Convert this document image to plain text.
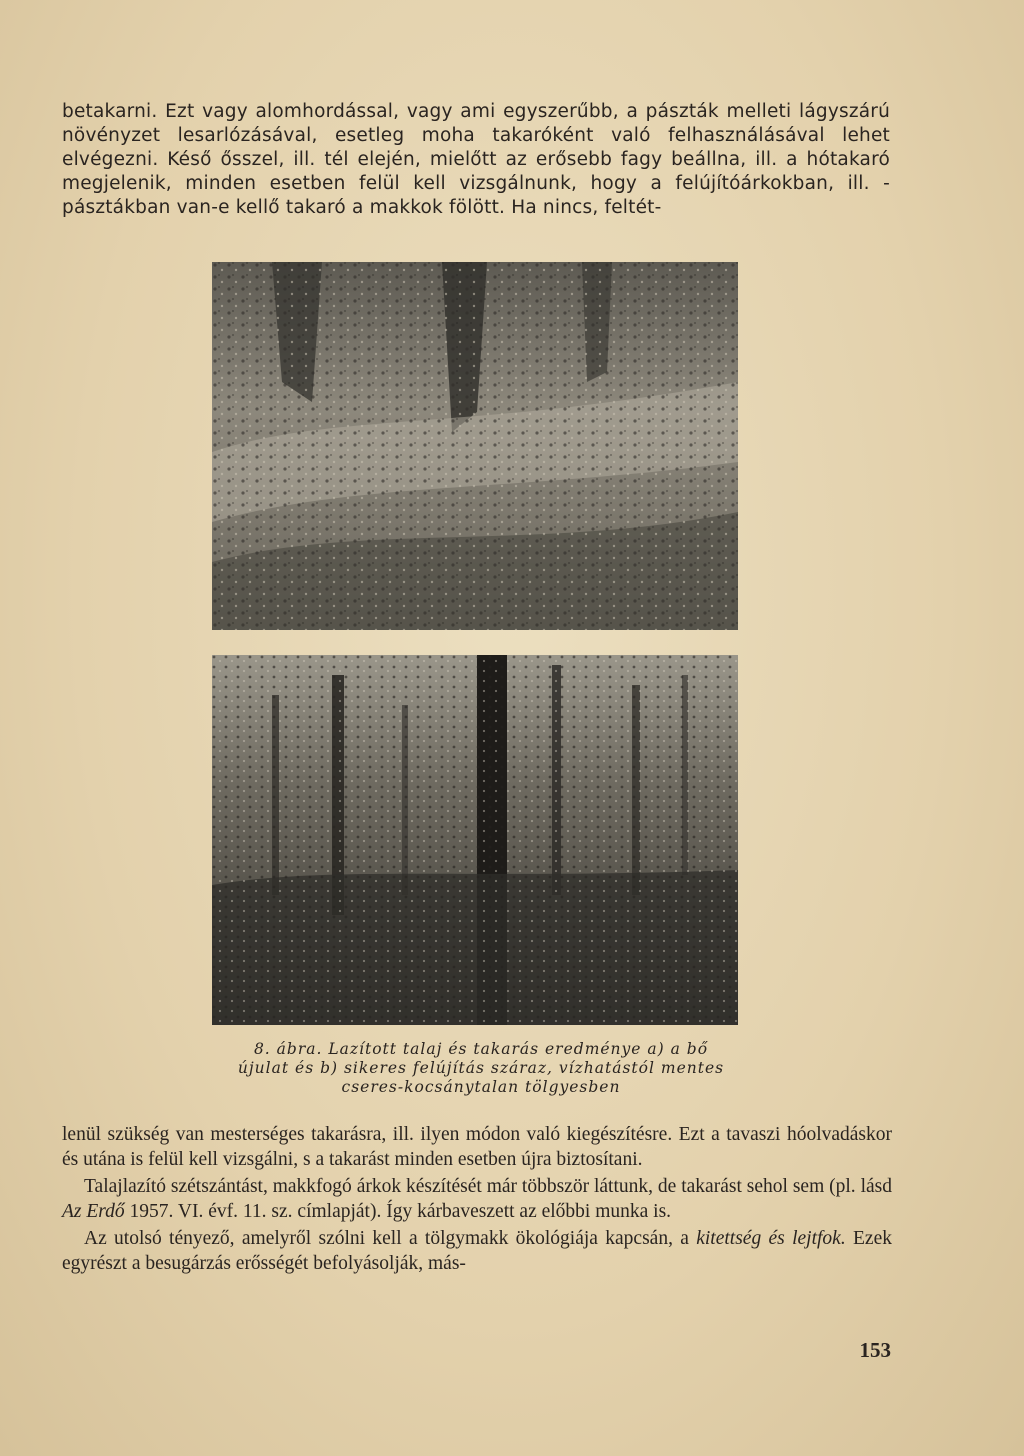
betakarni. Ezt vagy alomhordással, vagy ami egyszerűbb, a pászták melleti lágyszárú növényzet lesarlózásával, esetleg moha takaróként való felhasználásával lehet elvégezni. Késő ősszel, ill. tél elején, mielőtt az erősebb fagy beállna, ill. a hótakaró megjelenik, minden esetben felül kell vizsgálnunk, hogy a felújítóárkokban, ill. -pásztákban van-e kellő takaró a makkok fölött. Ha nincs, feltét-

8. ábra. Lazított talaj és takarás eredménye a) a bő
újulat és b) sikeres felújítás száraz, vízhatástól mentes
cseres-kocsánytalan tölgyesben

lenül szükség van mesterséges takarásra, ill. ilyen módon való kiegészítésre. Ezt a tavaszi hóolvadáskor és utána is felül kell vizsgálni, s a takarást minden esetben újra biztosítani.

Talajlazító szétszántást, makkfogó árkok készítését már többször láttunk, de takarást sehol sem (pl. lásd Az Erdő 1957. VI. évf. 11. sz. címlapját). Így kárbaveszett az előbbi munka is.

Az utolsó tényező, amelyről szólni kell a tölgymakk ökológiája kapcsán, a kitettség és lejtfok. Ezek egyrészt a besugárzás erősségét befolyásolják, más-

153
